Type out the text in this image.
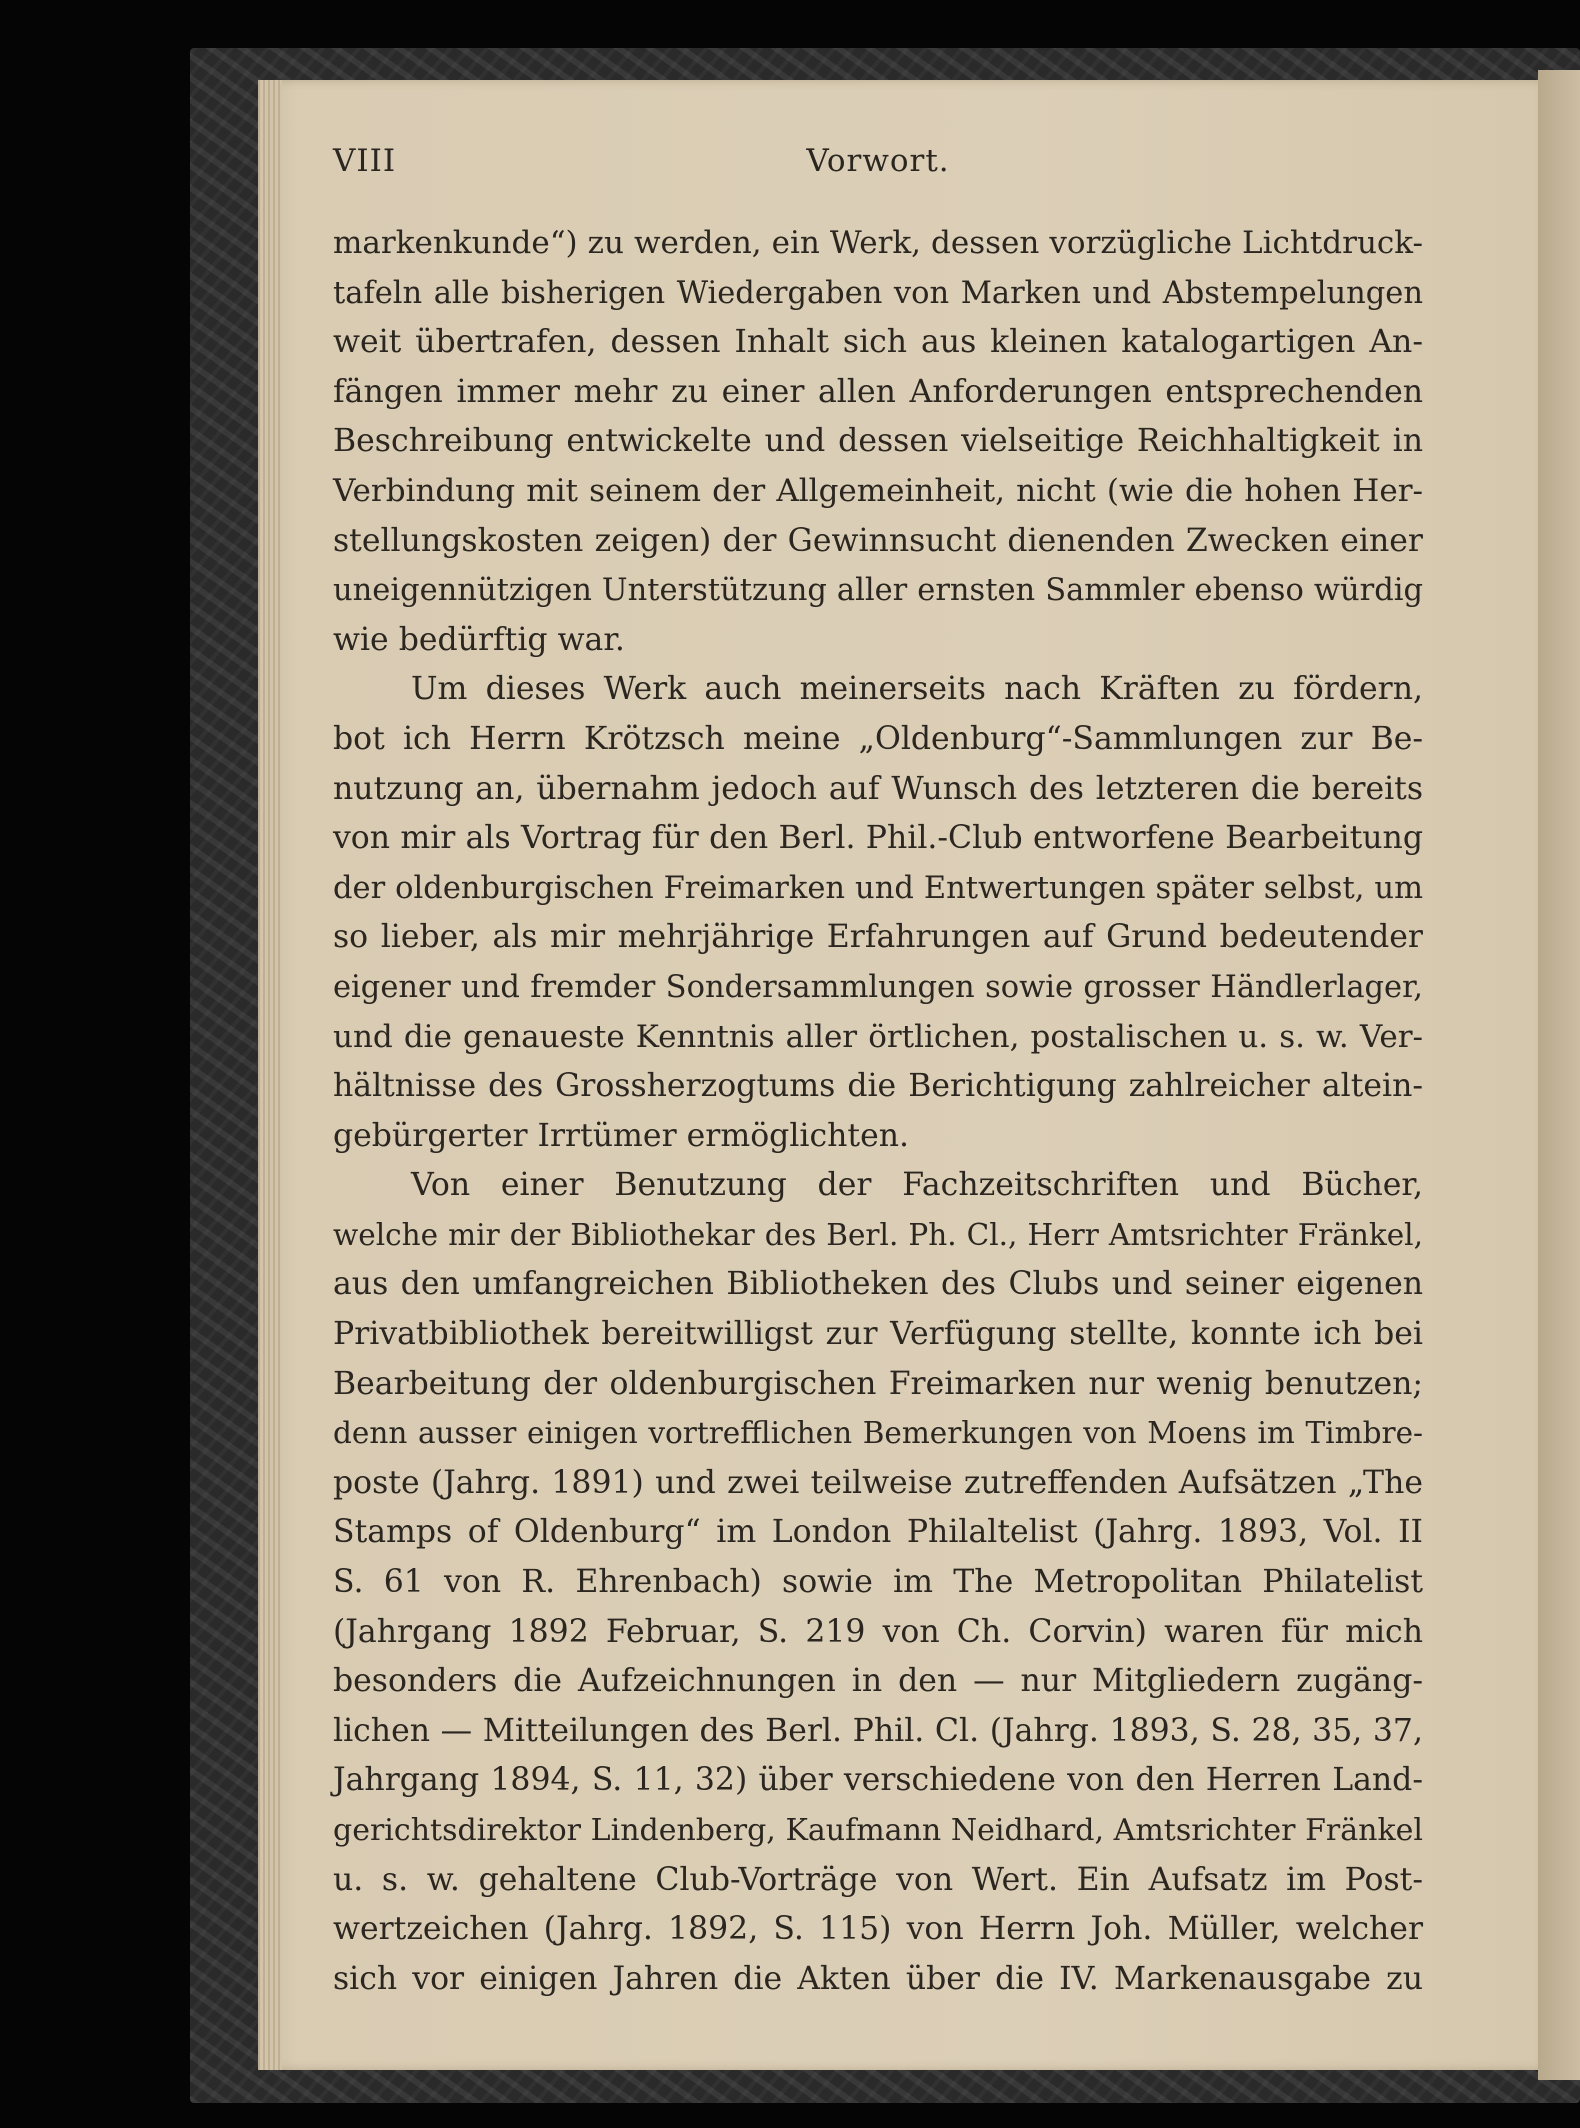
VIII	Vorwort.
markenkunde“) zu werden, ein Werk, dessen vorzügliche Lichtdruck-
tafeln alle bisherigen Wiedergaben von Marken und Abstempelungen
weit übertrafen, dessen Inhalt sich aus kleinen katalogartigen An-
fängen immer mehr zu einer allen Anforderungen entsprechenden
Beschreibung entwickelte und dessen vielseitige Reichhaltigkeit in
Verbindung mit seinem der Allgemeinheit, nicht (wie die hohen Her-
stellungskosten zeigen) der Gewinnsucht dienenden Zwecken einer
uneigennützigen Unterstützung aller ernsten Sammler ebenso würdig
wie bedürftig war.
Um dieses Werk auch meinerseits nach Kräften zu fördern,
bot ich Herrn Krötzsch meine „Oldenburg“-Sammlungen zur Be-
nutzung an, übernahm jedoch auf Wunsch des letzteren die bereits
von mir als Vortrag für den Berl. Phil.-Club entworfene Bearbeitung
der oldenburgischen Freimarken und Entwertungen später selbst, um
so lieber, als mir mehrjährige Erfahrungen auf Grund bedeutender
eigener und fremder Sondersammlungen sowie grosser Händlerlager,
und die genaueste Kenntnis aller örtlichen, postalischen u. s. w. Ver-
hältnisse des Grossherzogtums die Berichtigung zahlreicher altein-
gebürgerter Irrtümer ermöglichten.
Von einer Benutzung der Fachzeitschriften und Bücher,
welche mir der Bibliothekar des Berl. Ph. Cl., Herr Amtsrichter Fränkel,
aus den umfangreichen Bibliotheken des Clubs und seiner eigenen
Privatbibliothek bereitwilligst zur Verfügung stellte, konnte ich bei
Bearbeitung der oldenburgischen Freimarken nur wenig benutzen;
denn ausser einigen vortrefflichen Bemerkungen von Moens im Timbre-
poste (Jahrg. 1891) und zwei teilweise zutreffenden Aufsätzen „The
Stamps of Oldenburg“ im London Philaltelist (Jahrg. 1893, Vol. II
S. 61 von R. Ehrenbach) sowie im The Metropolitan Philatelist
(Jahrgang 1892 Februar, S. 219 von Ch. Corvin) waren für mich
besonders die Aufzeichnungen in den — nur Mitgliedern zugäng-
lichen — Mitteilungen des Berl. Phil. Cl. (Jahrg. 1893, S. 28, 35, 37,
Jahrgang 1894, S. 11, 32) über verschiedene von den Herren Land-
gerichtsdirektor Lindenberg, Kaufmann Neidhard, Amtsrichter Fränkel
u. s. w. gehaltene Club-Vorträge von Wert. Ein Aufsatz im Post-
wertzeichen (Jahrg. 1892, S. 115) von Herrn Joh. Müller, welcher
sich vor einigen Jahren die Akten über die IV. Markenausgabe zu
